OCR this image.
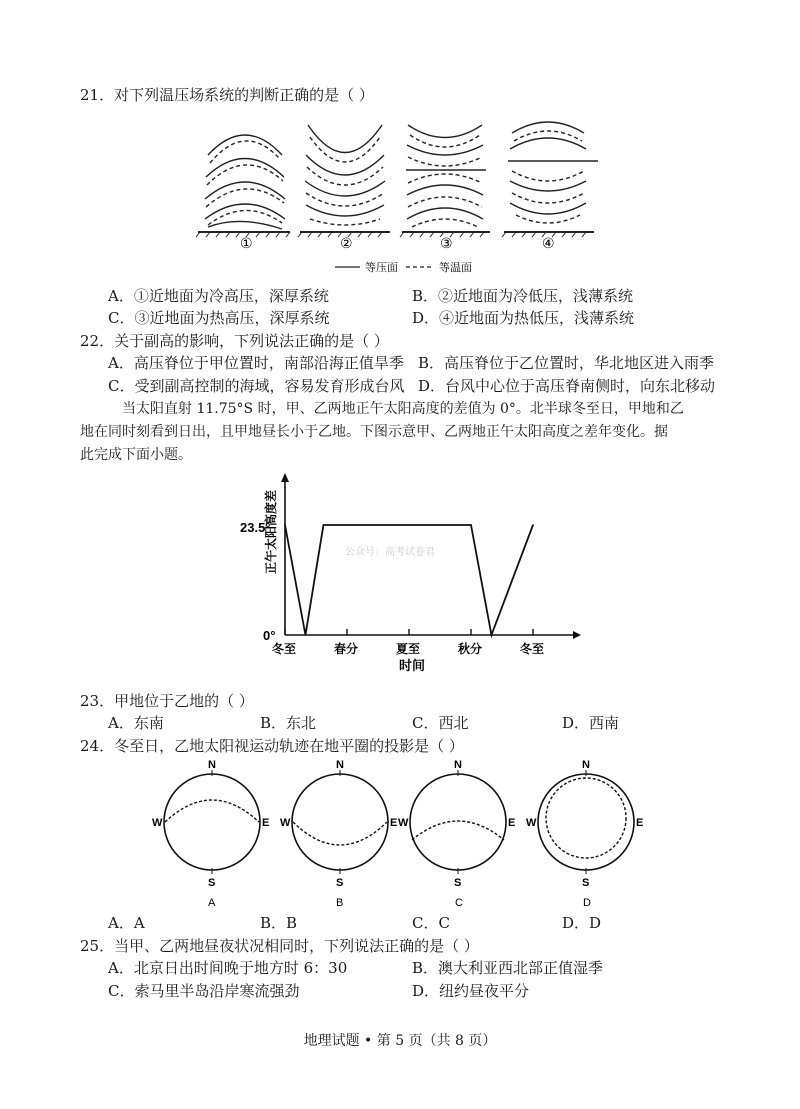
21．对下列温压场系统的判断正确的是（ ）
①	②	③	④
等压面	等温面
A．①近地面为冷高压，深厚系统	B．②近地面为冷低压，浅薄系统
C．③近地面为热高压，深厚系统	D．④近地面为热低压，浅薄系统
22．关于副高的影响，下列说法正确的是（ ）
A．高压脊位于甲位置时，南部沿海正值旱季 B．高压脊位于乙位置时，华北地区进入雨季
C．受到副高控制的海域，容易发育形成台风 D．台风中心位于高压脊南侧时，向东北移动
当太阳直射 11.75°S 时，甲、乙两地正午太阳高度的差值为 0°。北半球冬至日，甲地和乙
地在同时刻看到日出，且甲地昼长小于乙地。下图示意甲、乙两地正午太阳高度之差年变化。据
此完成下面小题。
正午太阳高度差
23.5°
0°
冬至	春分	夏至	秋分	冬至
公众号：高考试卷君
时间
23．甲地位于乙地的（ ）
A．东南	B．东北	C．西北	D．西南
24．冬至日，乙地太阳视运动轨迹在地平圈的投影是（ ）
N
S
W	E
A
N
S
W	E
B
N
S
W	E
C
N
S
W	E
D
A．A	B．B	C．C	D．D
25．当甲、乙两地昼夜状况相同时，下列说法正确的是（ ）
A．北京日出时间晚于地方时 6：30	B．澳大利亚西北部正值湿季
C．索马里半岛沿岸寒流强劲	D．纽约昼夜平分
地理试题 • 第 5 页（共 8 页）
